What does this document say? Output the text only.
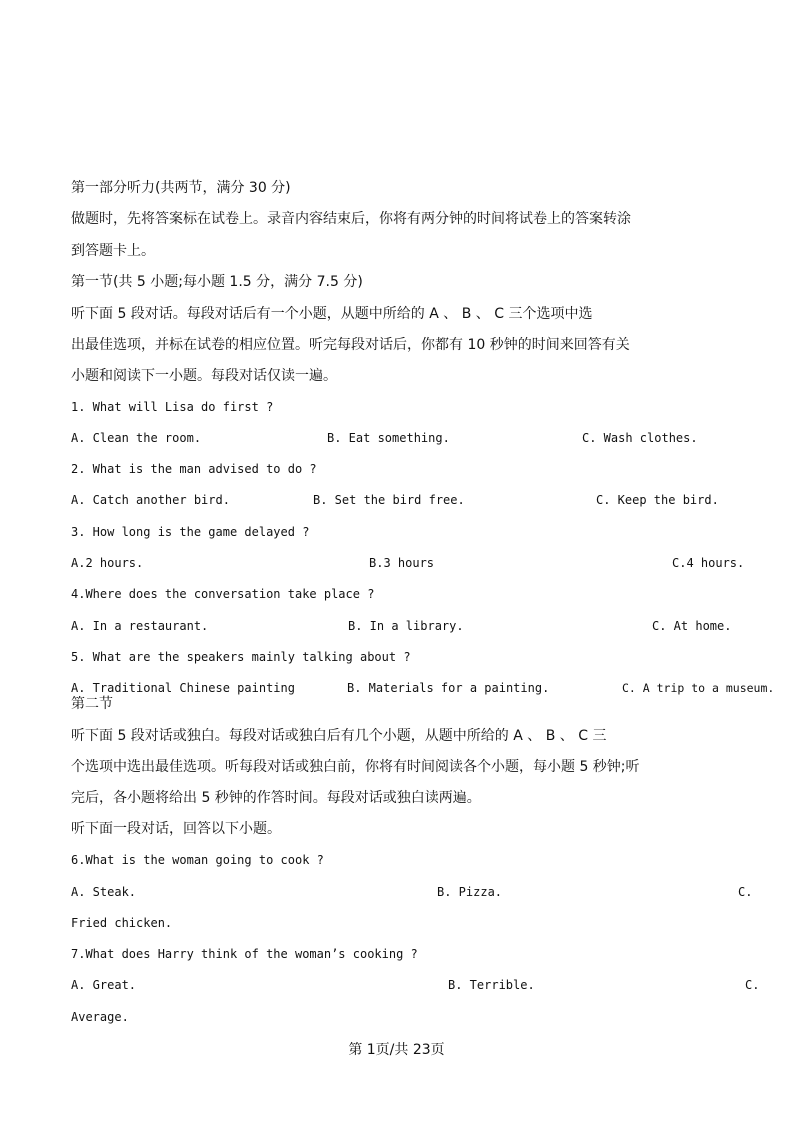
第一部分听力(共两节，满分 30 分)
做题时，先将答案标在试卷上。录音内容结束后，你将有两分钟的时间将试卷上的答案转涂
到答题卡上。
第一节(共 5 小题;每小题 1.5 分，满分 7.5 分)
听下面 5 段对话。每段对话后有一个小题，从题中所给的 A 、 B 、 C 三个选项中选
出最佳选项，并标在试卷的相应位置。听完每段对话后，你都有 10 秒钟的时间来回答有关
小题和阅读下一小题。每段对话仅读一遍。
1. What will Lisa do first ?
A. Clean the room.	B. Eat something.	C. Wash clothes.
2. What is the man advised to do ?
A. Catch another bird.	B. Set the bird free.	C. Keep the bird.
3. How long is the game delayed ?
A.2 hours.	B.3 hours	C.4 hours.
4.Where does the conversation take place ?
A. In a restaurant.	B. In a library.	C. At home.
5. What are the speakers mainly talking about ?
A. Traditional Chinese painting	B. Materials for a painting.	C. A trip to a museum.
第二节
听下面 5 段对话或独白。每段对话或独白后有几个小题，从题中所给的 A 、 B 、 C 三
个选项中选出最佳选项。听每段对话或独白前，你将有时间阅读各个小题，每小题 5 秒钟;听
完后，各小题将给出 5 秒钟的作答时间。每段对话或独白读两遍。
听下面一段对话，回答以下小题。
6.What is the woman going to cook ?
A. Steak.	B. Pizza.	C.
Fried chicken.
7.What does Harry think of the woman’s cooking ?
A. Great.	B. Terrible.	C.
Average.
第 1页/共 23页
